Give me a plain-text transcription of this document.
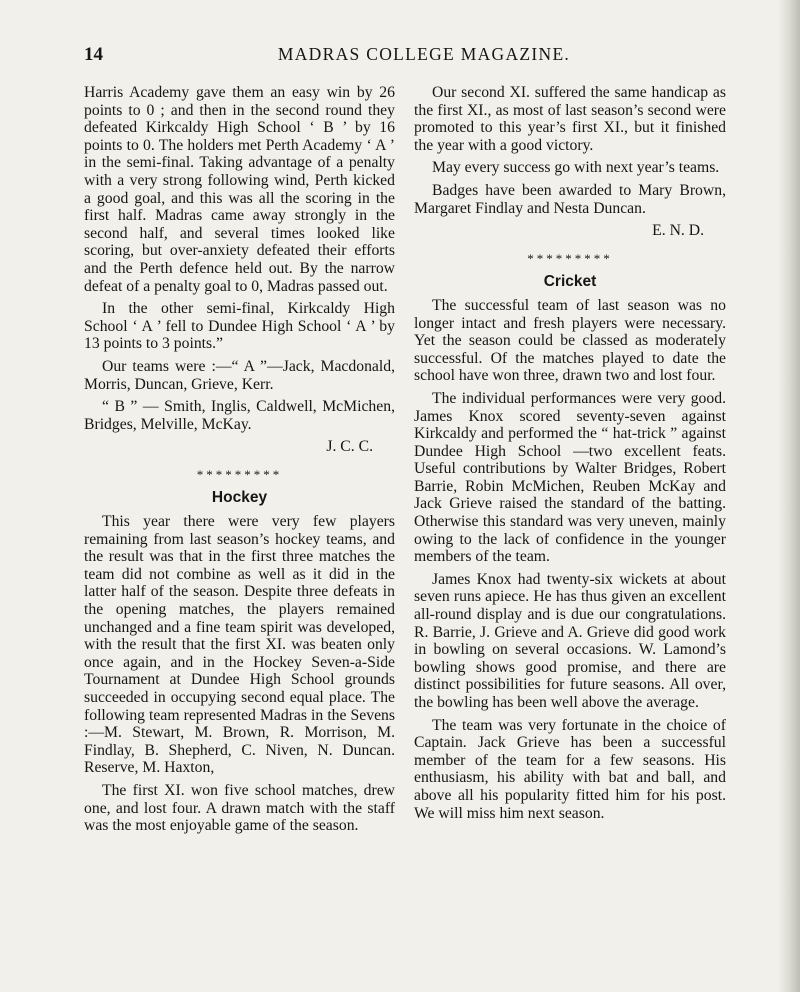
14	MADRAS COLLEGE MAGAZINE.

Harris Academy gave them an easy win by 26 points to 0 ; and then in the second round they defeated Kirkcaldy High School ‘ B ’ by 16 points to 0. The holders met Perth Academy ‘ A ’ in the semi-final. Taking advantage of a penalty with a very strong following wind, Perth kicked a good goal, and this was all the scoring in the first half. Madras came away strongly in the second half, and several times looked like scoring, but over-anxiety defeated their efforts and the Perth defence held out. By the narrow defeat of a penalty goal to 0, Madras passed out.

In the other semi-final, Kirkcaldy High School ‘ A ’ fell to Dundee High School ‘ A ’ by 13 points to 3 points.”

Our teams were :—“ A ”—Jack, Macdonald, Morris, Duncan, Grieve, Kerr.

“ B ” — Smith, Inglis, Caldwell, McMichen, Bridges, Melville, McKay.

J. C. C.
*********
Hockey

This year there were very few players remaining from last season’s hockey teams, and the result was that in the first three matches the team did not combine as well as it did in the latter half of the season. Despite three defeats in the opening matches, the players remained unchanged and a fine team spirit was developed, with the result that the first XI. was beaten only once again, and in the Hockey Seven-a-Side Tournament at Dundee High School grounds succeeded in occupying second equal place. The following team represented Madras in the Sevens :—M. Stewart, M. Brown, R. Morrison, M. Findlay, B. Shepherd, C. Niven, N. Duncan. Reserve, M. Haxton,

The first XI. won five school matches, drew one, and lost four. A drawn match with the staff was the most enjoyable game of the season.

Our second XI. suffered the same handicap as the first XI., as most of last season’s second were promoted to this year’s first XI., but it finished the year with a good victory.

May every success go with next year’s teams.

Badges have been awarded to Mary Brown, Margaret Findlay and Nesta Duncan.

E. N. D.
*********
Cricket

The successful team of last season was no longer intact and fresh players were necessary. Yet the season could be classed as moderately successful. Of the matches played to date the school have won three, drawn two and lost four.

The individual performances were very good. James Knox scored seventy-seven against Kirkcaldy and performed the “ hat-trick ” against Dundee High School —two excellent feats. Useful contributions by Walter Bridges, Robert Barrie, Robin McMichen, Reuben McKay and Jack Grieve raised the standard of the batting. Otherwise this standard was very uneven, mainly owing to the lack of confidence in the younger members of the team.

James Knox had twenty-six wickets at about seven runs apiece. He has thus given an excellent all-round display and is due our congratulations. R. Barrie, J. Grieve and A. Grieve did good work in bowling on several occasions. W. Lamond’s bowling shows good promise, and there are distinct possibilities for future seasons. All over, the bowling has been well above the average.

The team was very fortunate in the choice of Captain. Jack Grieve has been a successful member of the team for a few seasons. His enthusiasm, his ability with bat and ball, and above all his popularity fitted him for his post. We will miss him next season.
